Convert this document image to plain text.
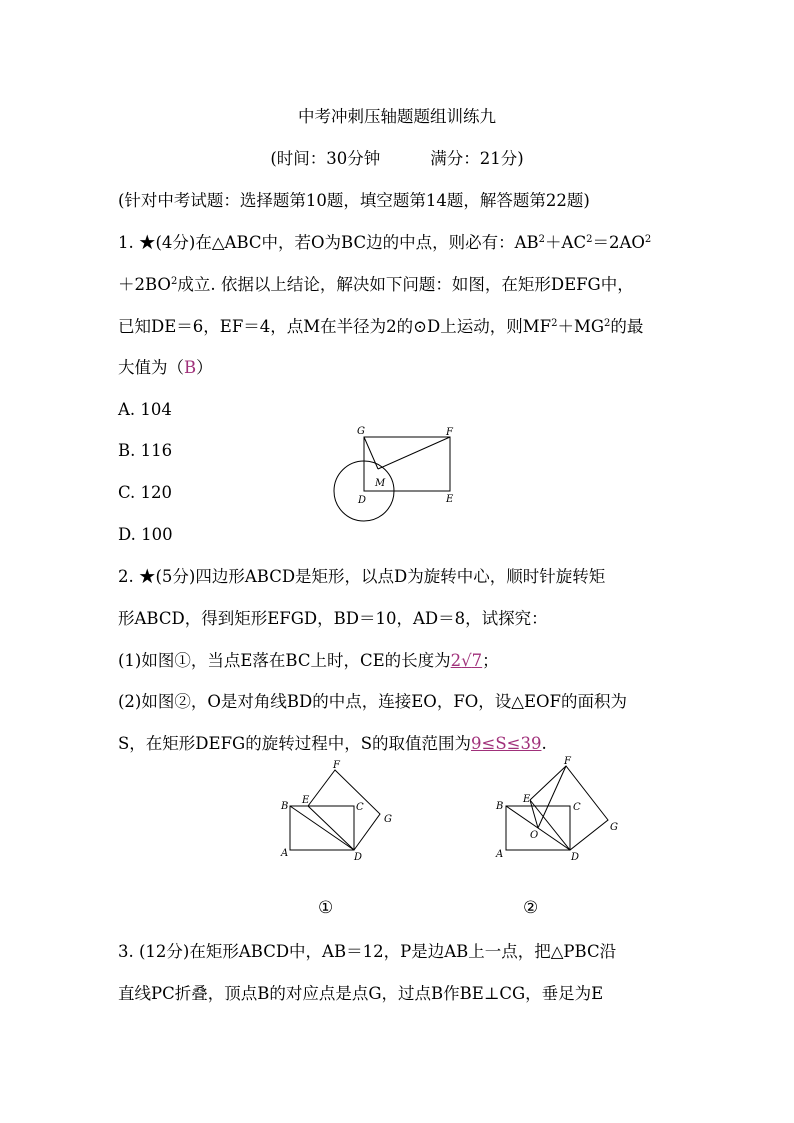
中考冲刺压轴题题组训练九
(时间：30分钟	满分：21分)
(针对中考试题：选择题第10题，填空题第14题，解答题第22题)
1. ★(4分)在△ABC中，若O为BC边的中点，则必有：$AB^2+AC^2=2AO^2$
$+2BO^2$成立. 依据以上结论，解决如下问题：如图，在矩形DEFG中，
已知DE＝6，EF＝4，点M在半径为2的⊙D上运动，则$MF^2+MG^2$的最
大值为（B）
A. 104
B. 116
C. 120
D. 100
G	F
M
D	E
2. ★(5分)四边形ABCD是矩形，以点D为旋转中心，顺时针旋转矩
形ABCD，得到矩形EFGD，BD＝10，AD＝8，试探究：
(1)如图①，当点E落在BC上时，CE的长度为2√7；
(2)如图②，O是对角线BD的中点，连接EO，FO，设△EOF的面积为
S，在矩形DEFG的旋转过程中，S的取值范围为9≤S≤39.
B
E
F
C
G
A	D
B
E
F
C
G
O
A	D
①	②
3. (12分)在矩形ABCD中，AB＝12，P是边AB上一点，把△PBC沿
直线PC折叠，顶点B的对应点是点G，过点B作BE⊥CG，垂足为E
